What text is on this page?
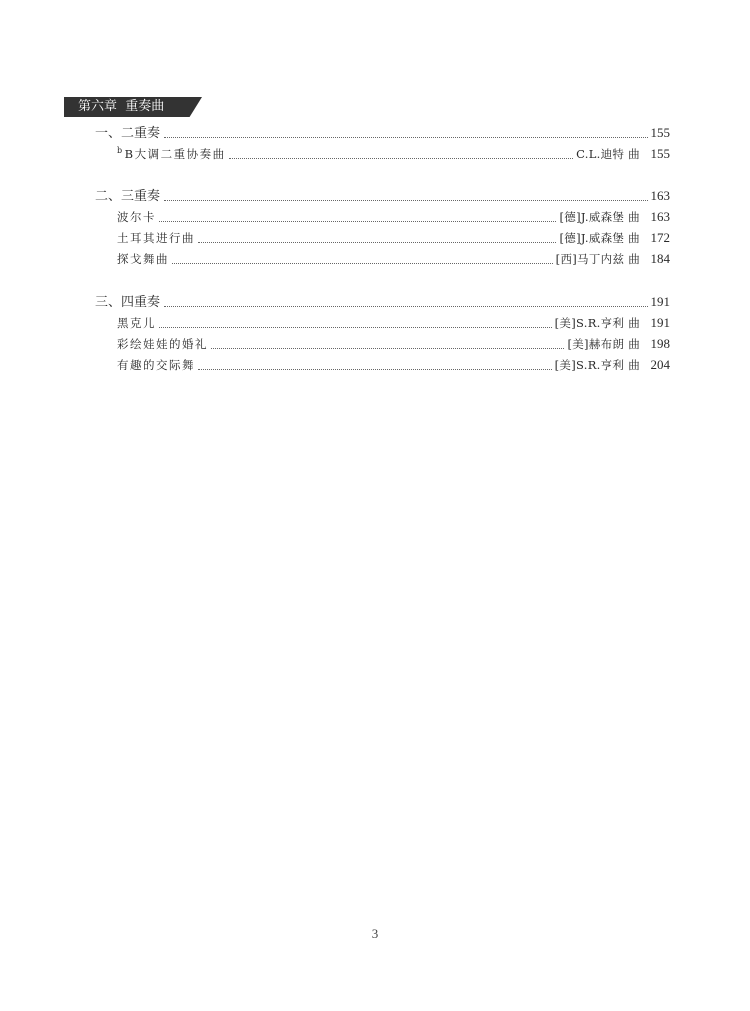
第六章  重奏曲
一、二重奏	155
$^b$B大调二重协奏曲	C.L.迪特 曲 155
二、三重奏	163
波尔卡	[德]J.威森堡 曲 163
土耳其进行曲	[德]J.威森堡 曲 172
探戈舞曲	[西]马丁内兹 曲 184
三、四重奏	191
黑克儿	[美]S.R.亨利 曲 191
彩绘娃娃的婚礼	[美]赫布朗 曲 198
有趣的交际舞	[美]S.R.亨利 曲 204
3
